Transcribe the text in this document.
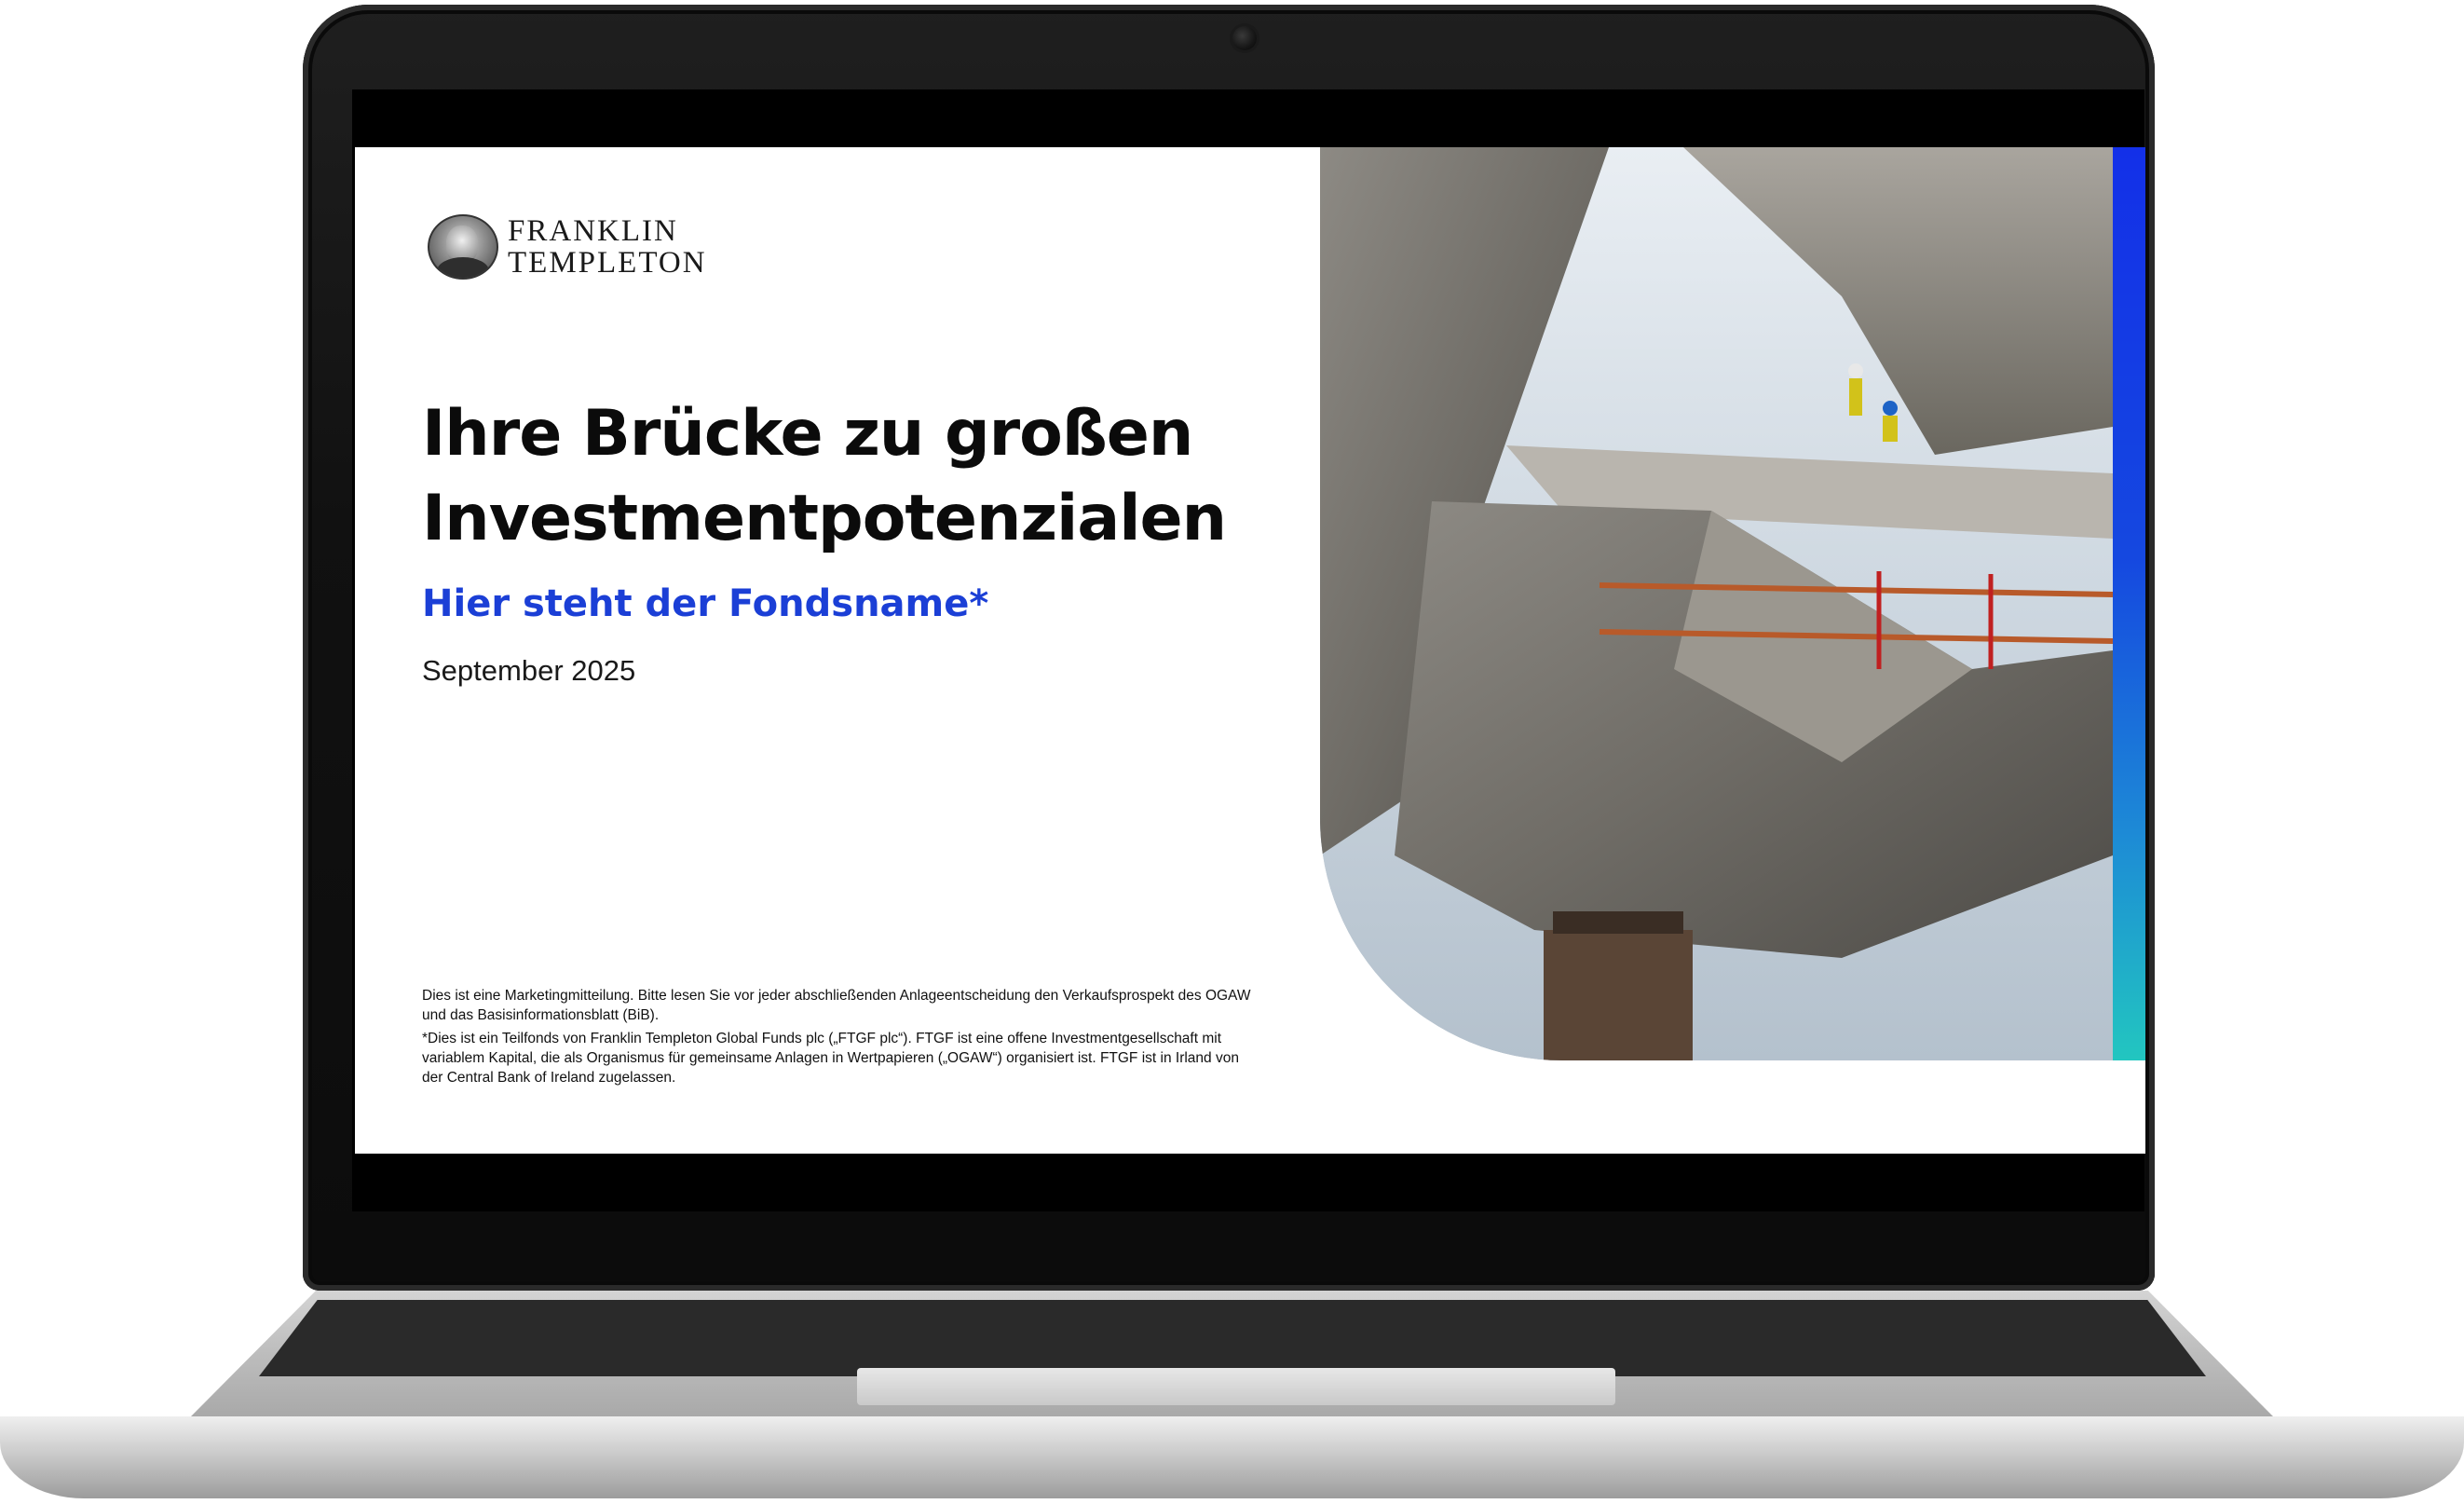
FRANKLIN
TEMPLETON
Ihre Brücke zu großen
Investmentpotenzialen
Hier steht der Fondsname*
September 2025

Dies ist eine Marketingmitteilung. Bitte lesen Sie vor jeder abschließenden Anlageentscheidung den Verkaufsprospekt des OGAW und das Basisinformationsblatt (BiB).

*Dies ist ein Teilfonds von Franklin Templeton Global Funds plc („FTGF plc“). FTGF ist eine offene Investmentgesellschaft mit variablem Kapital, die als Organismus für gemeinsame Anlagen in Wertpapieren („OGAW“) organisiert ist. FTGF ist in Irland von der Central Bank of Ireland zugelassen.
